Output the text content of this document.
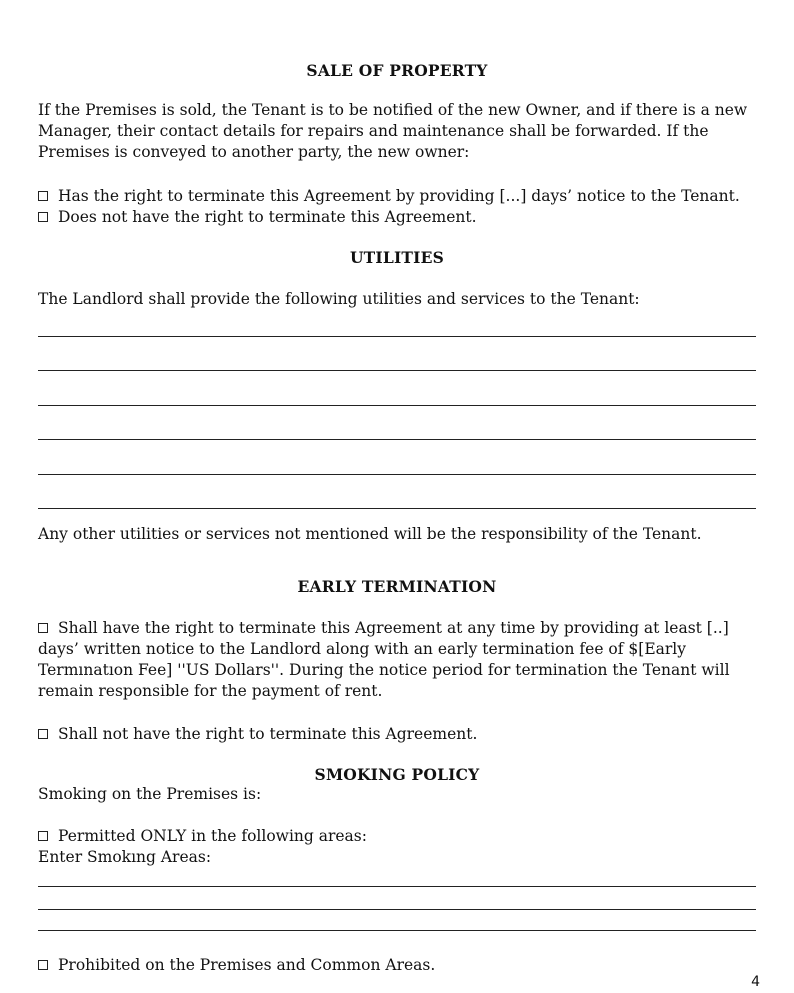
SALE OF PROPERTY
If the Premises is sold, the Tenant is to be notified of the new Owner, and if there is a new Manager, their contact details for repairs and maintenance shall be forwarded. If the Premises is conveyed to another party, the new owner:
Has the right to terminate this Agreement by providing [...] days’ notice to the Tenant.
Does not have the right to terminate this Agreement.
UTILITIES
The Landlord shall provide the following utilities and services to the Tenant:
Any other utilities or services not mentioned will be the responsibility of the Tenant.
EARLY TERMINATION
Shall have the right to terminate this Agreement at any time by providing at least [..] days’ written notice to the Landlord along with an early termination fee of $[Early Termınatıon Fee] ''US Dollars''. During the notice period for termination the Tenant will remain responsible for the payment of rent.
Shall not have the right to terminate this Agreement.
SMOKING POLICY
Smoking on the Premises is:
Permitted ONLY in the following areas:
Enter Smokıng Areas:
Prohibited on the Premises and Common Areas.
4
